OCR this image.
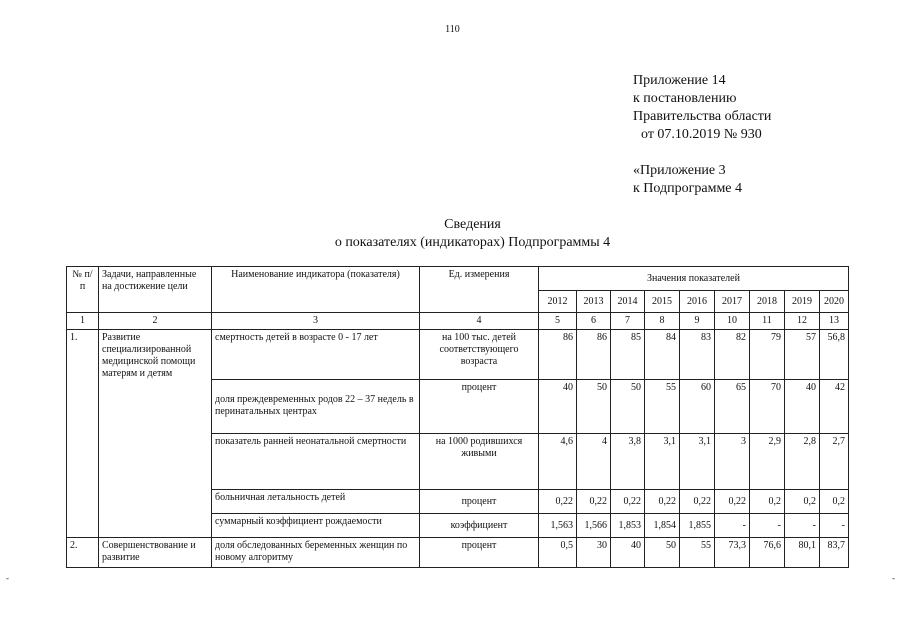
110
Приложение 14
к постановлению
Правительства области
от 07.10.2019 № 930
«Приложение 3
к Подпрограмме 4
Сведения
о показателях (индикаторах) Подпрограммы 4
№ п/п	Задачи, направленные на достижение цели	Наименование индикатора (показателя)	Ед. измерения	Значения показателей								
				2012	2013	2014	2015	2016	2017	2018	2019	2020
1	2	3	4	5	6	7	8	9	10	11	12	13
1.	Развитие специализированной медицинской помощи матерям и детям	смертность детей в возрасте 0 - 17 лет	на 100 тыс. детей соответствующего возраста	86	86	85	84	83	82	79	57	56,8
		доля преждевременных родов 22 – 37 недель в перинатальных центрах	процент	40	50	50	55	60	65	70	40	42
		показатель ранней неонатальной смертности	на 1000 родившихся живыми	4,6	4	3,8	3,1	3,1	3	2,9	2,8	2,7
		больничная летальность детей	процент	0,22	0,22	0,22	0,22	0,22	0,22	0,2	0,2	0,2
		суммарный коэффициент рождаемости	коэффициент	1,563	1,566	1,853	1,854	1,855	-	-	-	-
2.	Совершенствование и развитие	доля обследованных беременных женщин по новому алгоритму	процент	0,5	30	40	50	55	73,3	76,6	80,1	83,7
-	-
